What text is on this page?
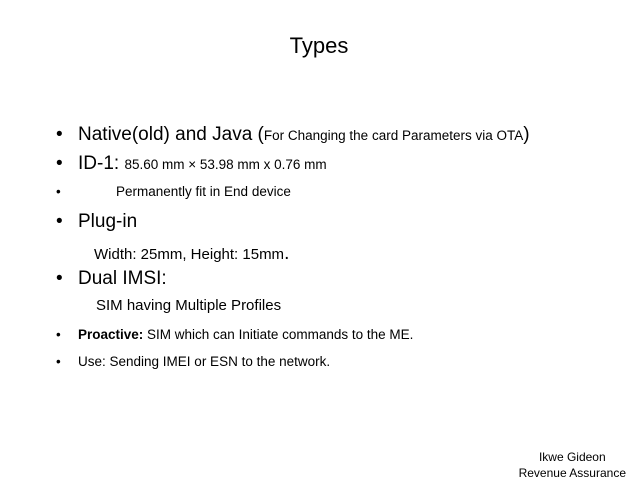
Types
• Native(old) and Java (For Changing the card Parameters via OTA)
• ID-1: 85.60 mm × 53.98 mm x 0.76 mm
•	Permanently fit in End device
• Plug-in
Width: 25mm, Height: 15mm.
• Dual IMSI:
SIM having Multiple Profiles
• Proactive: SIM which can Initiate commands to the ME.
• Use: Sending IMEI or ESN to the network.
Ikwe Gideon
Revenue Assurance
